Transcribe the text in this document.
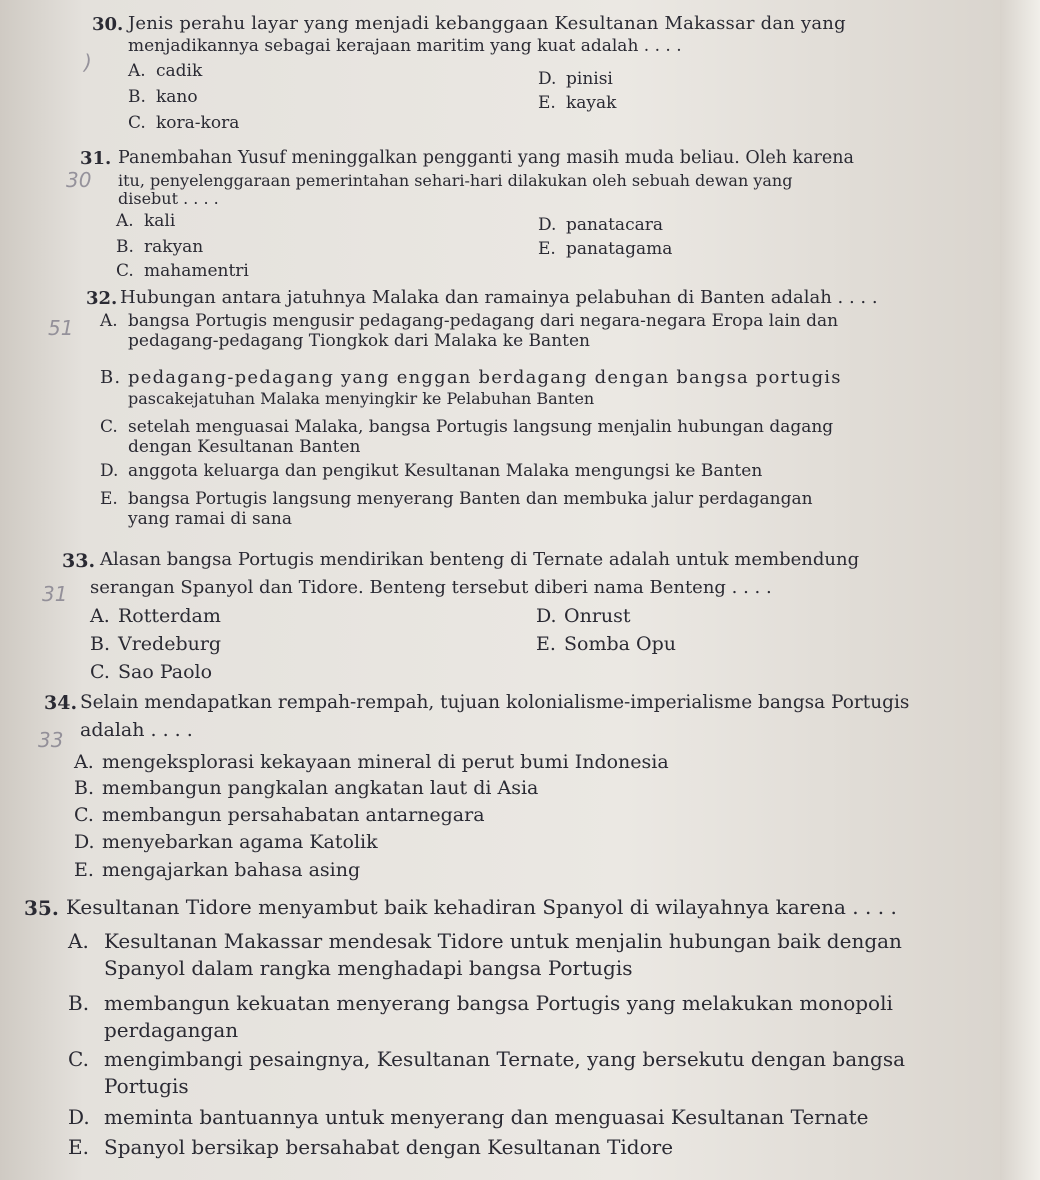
)
30
51
31
33
30. Jenis perahu layar yang menjadi kebanggaan Kesultanan Makassar dan yang
menjadikannya sebagai kerajaan maritim yang kuat adalah . . . .
A. cadik
B. kano
C. kora-kora
D. pinisi
E. kayak
31. Panembahan Yusuf meninggalkan pengganti yang masih muda beliau. Oleh karena
itu, penyelenggaraan pemerintahan sehari-hari dilakukan oleh sebuah dewan yang
disebut . . . .
A. kali
B. rakyan
C. mahamentri
D. panatacara
E. panatagama
32. Hubungan antara jatuhnya Malaka dan ramainya pelabuhan di Banten adalah . . . .
A. bangsa Portugis mengusir pedagang-pedagang dari negara-negara Eropa lain dan
pedagang-pedagang Tiongkok dari Malaka ke Banten
B. pedagang-pedagang yang enggan berdagang dengan bangsa portugis
pascakejatuhan Malaka menyingkir ke Pelabuhan Banten
C. setelah menguasai Malaka, bangsa Portugis langsung menjalin hubungan dagang
dengan Kesultanan Banten
D. anggota keluarga dan pengikut Kesultanan Malaka mengungsi ke Banten
E. bangsa Portugis langsung menyerang Banten dan membuka jalur perdagangan
yang ramai di sana
33. Alasan bangsa Portugis mendirikan benteng di Ternate adalah untuk membendung
serangan Spanyol dan Tidore. Benteng tersebut diberi nama Benteng . . . .
A. Rotterdam
B. Vredeburg
C. Sao Paolo
D. Onrust
E. Somba Opu
34. Selain mendapatkan rempah-rempah, tujuan kolonialisme-imperialisme bangsa Portugis
adalah . . . .
A. mengeksplorasi kekayaan mineral di perut bumi Indonesia
B. membangun pangkalan angkatan laut di Asia
C. membangun persahabatan antarnegara
D. menyebarkan agama Katolik
E. mengajarkan bahasa asing
35. Kesultanan Tidore menyambut baik kehadiran Spanyol di wilayahnya karena . . . .
A. Kesultanan Makassar mendesak Tidore untuk menjalin hubungan baik dengan
Spanyol dalam rangka menghadapi bangsa Portugis
B. membangun kekuatan menyerang bangsa Portugis yang melakukan monopoli
perdagangan
C. mengimbangi pesaingnya, Kesultanan Ternate, yang bersekutu dengan bangsa
Portugis
D. meminta bantuannya untuk menyerang dan menguasai Kesultanan Ternate
E. Spanyol bersikap bersahabat dengan Kesultanan Tidore
